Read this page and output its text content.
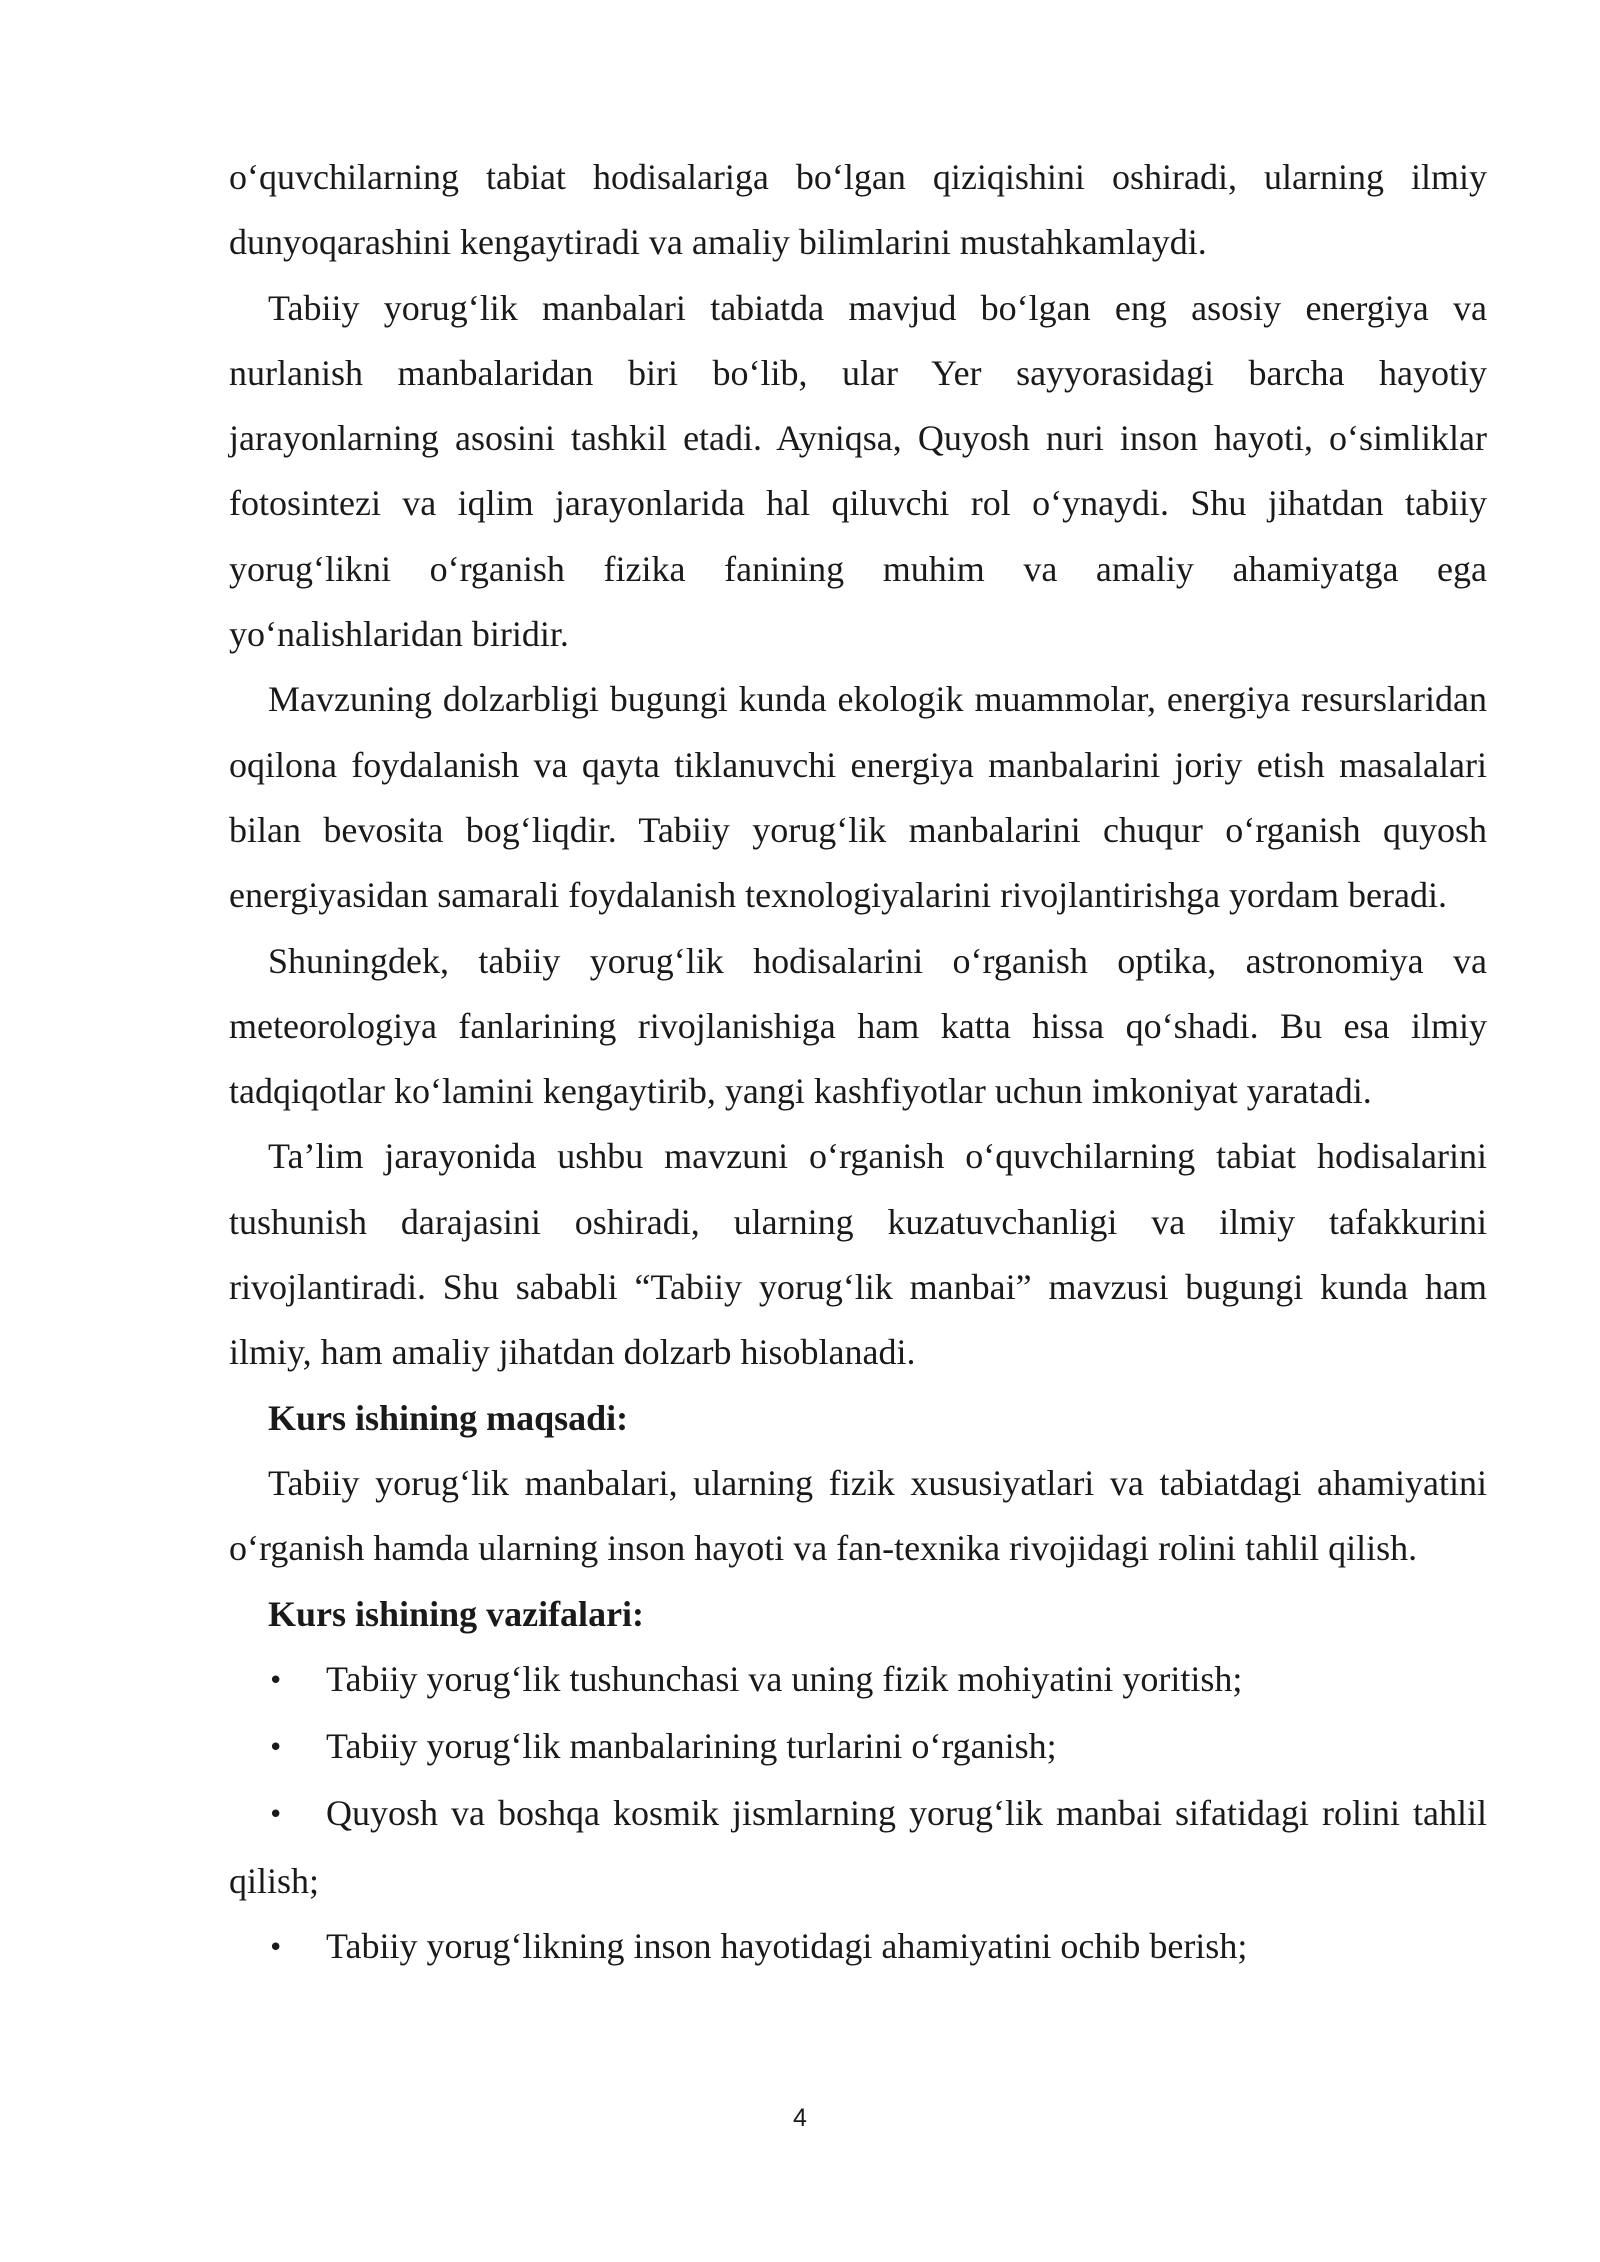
o‘quvchilarning tabiat hodisalariga bo‘lgan qiziqishini oshiradi, ularning ilmiy dunyoqarashini kengaytiradi va amaliy bilimlarini mustahkamlaydi.

Tabiiy yorug‘lik manbalari tabiatda mavjud bo‘lgan eng asosiy energiya va nurlanish manbalaridan biri bo‘lib, ular Yer sayyorasidagi barcha hayotiy jarayonlarning asosini tashkil etadi. Ayniqsa, Quyosh nuri inson hayoti, o‘simliklar fotosintezi va iqlim jarayonlarida hal qiluvchi rol o‘ynaydi. Shu jihatdan tabiiy yorug‘likni o‘rganish fizika fanining muhim va amaliy ahamiyatga ega yo‘nalishlaridan biridir.

Mavzuning dolzarbligi bugungi kunda ekologik muammolar, energiya resurslaridan oqilona foydalanish va qayta tiklanuvchi energiya manbalarini joriy etish masalalari bilan bevosita bog‘liqdir. Tabiiy yorug‘lik manbalarini chuqur o‘rganish quyosh energiyasidan samarali foydalanish texnologiyalarini rivojlantirishga yordam beradi.

Shuningdek, tabiiy yorug‘lik hodisalarini o‘rganish optika, astronomiya va meteorologiya fanlarining rivojlanishiga ham katta hissa qo‘shadi. Bu esa ilmiy tadqiqotlar ko‘lamini kengaytirib, yangi kashfiyotlar uchun imkoniyat yaratadi.

Ta’lim jarayonida ushbu mavzuni o‘rganish o‘quvchilarning tabiat hodisalarini tushunish darajasini oshiradi, ularning kuzatuvchanligi va ilmiy tafakkurini rivojlantiradi. Shu sababli “Tabiiy yorug‘lik manbai” mavzusi bugungi kunda ham ilmiy, ham amaliy jihatdan dolzarb hisoblanadi.

Kurs ishining maqsadi:

Tabiiy yorug‘lik manbalari, ularning fizik xususiyatlari va tabiatdagi ahamiyatini o‘rganish hamda ularning inson hayoti va fan-texnika rivojidagi rolini tahlil qilish.

Kurs ishining vazifalari:

• Tabiiy yorug‘lik tushunchasi va uning fizik mohiyatini yoritish;
• Tabiiy yorug‘lik manbalarining turlarini o‘rganish;
• Quyosh va boshqa kosmik jismlarning yorug‘lik manbai sifatidagi rolini tahlil qilish;
• Tabiiy yorug‘likning inson hayotidagi ahamiyatini ochib berish;
4
